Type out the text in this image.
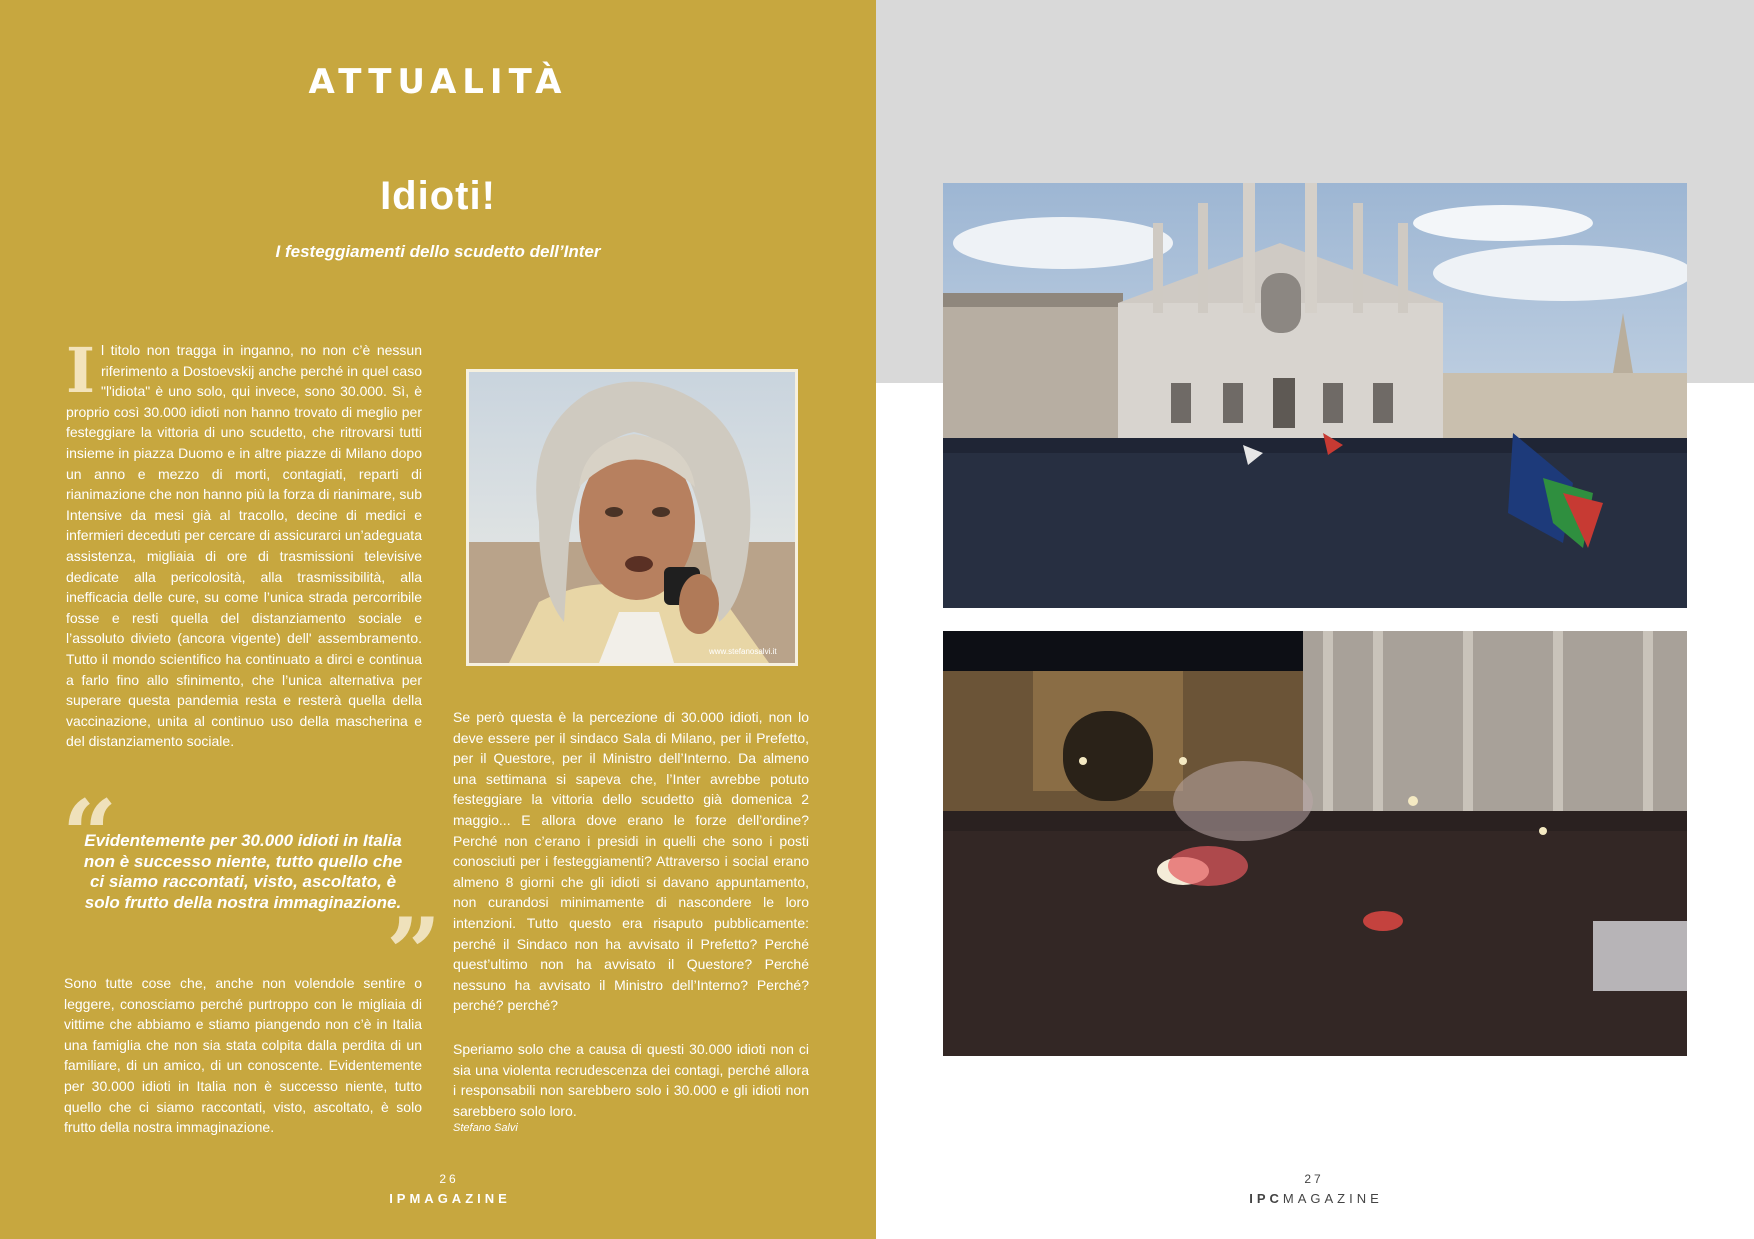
ATTUALITÀ
Idioti!
I festeggiamenti dello scudetto dell’Inter

Il titolo non tragga in inganno, no non c’è nessun riferimento a Dostoevskij anche perché in quel caso "l'idiota" è uno solo, qui invece, sono 30.000. Sì, è proprio così 30.000 idioti non hanno trovato di meglio per festeggiare la vittoria di uno scudetto, che ritrovarsi tutti insieme in piazza Duomo e in altre piazze di Milano dopo un anno e mezzo di morti, contagiati, reparti di rianimazione che non hanno più la forza di rianimare, sub Intensive da mesi già al tracollo, decine di medici e infermieri deceduti per cercare di assicurarci un’adeguata assistenza, migliaia di ore di trasmissioni televisive dedicate alla pericolosità, alla trasmissibilità, alla inefficacia delle cure, su come l’unica strada percorribile fosse e resti quella del distanziamento sociale e l’assoluto divieto (ancora vigente) dell' assembramento. Tutto il mondo scientifico ha continuato a dirci e continua a farlo fino allo sfinimento, che l’unica alternativa per superare questa pandemia resta e resterà quella della vaccinazione, unita al continuo uso della mascherina e del distanziamento sociale.

www.stefanosalvi.it
“
Evidentemente per 30.000 idioti in Italia non è successo niente, tutto quello che ci siamo raccontati, visto, ascoltato, è solo frutto della nostra immaginazione.
”

Sono tutte cose che, anche non volendole sentire o leggere, conosciamo perché purtroppo con le migliaia di vittime che abbiamo e stiamo piangendo non c’è in Italia una famiglia che non sia stata colpita dalla perdita di un familiare, di un amico, di un conoscente. Evidentemente per 30.000 idioti in Italia non è successo niente, tutto quello che ci siamo raccontati, visto, ascoltato, è solo frutto della nostra immaginazione.

Se però questa è la percezione di 30.000 idioti, non lo deve essere per il sindaco Sala di Milano, per il Prefetto, per il Questore, per il Ministro dell’Interno. Da almeno una settimana si sapeva che, l’Inter avrebbe potuto festeggiare la vittoria dello scudetto già domenica 2 maggio... E allora dove erano le forze dell’ordine? Perché non c’erano i presidi in quelli che sono i posti conosciuti per i festeggiamenti? Attraverso i social erano almeno 8 giorni che gli idioti si davano appuntamento, non curandosi minimamente di nascondere le loro intenzioni. Tutto questo era risaputo pubblicamente: perché il Sindaco non ha avvisato il Prefetto? Perché quest’ultimo non ha avvisato il Questore? Perché nessuno ha avvisato il Ministro dell’Interno? Perché? perché? perché?

Speriamo solo che a causa di questi 30.000 idioti non ci sia una violenta recrudescenza dei contagi, perché allora i responsabili non sarebbero solo i 30.000 e gli idioti non sarebbero solo loro.

Stefano Salvi
26
IPMAGAZINE
27
IPCMAGAZINE
